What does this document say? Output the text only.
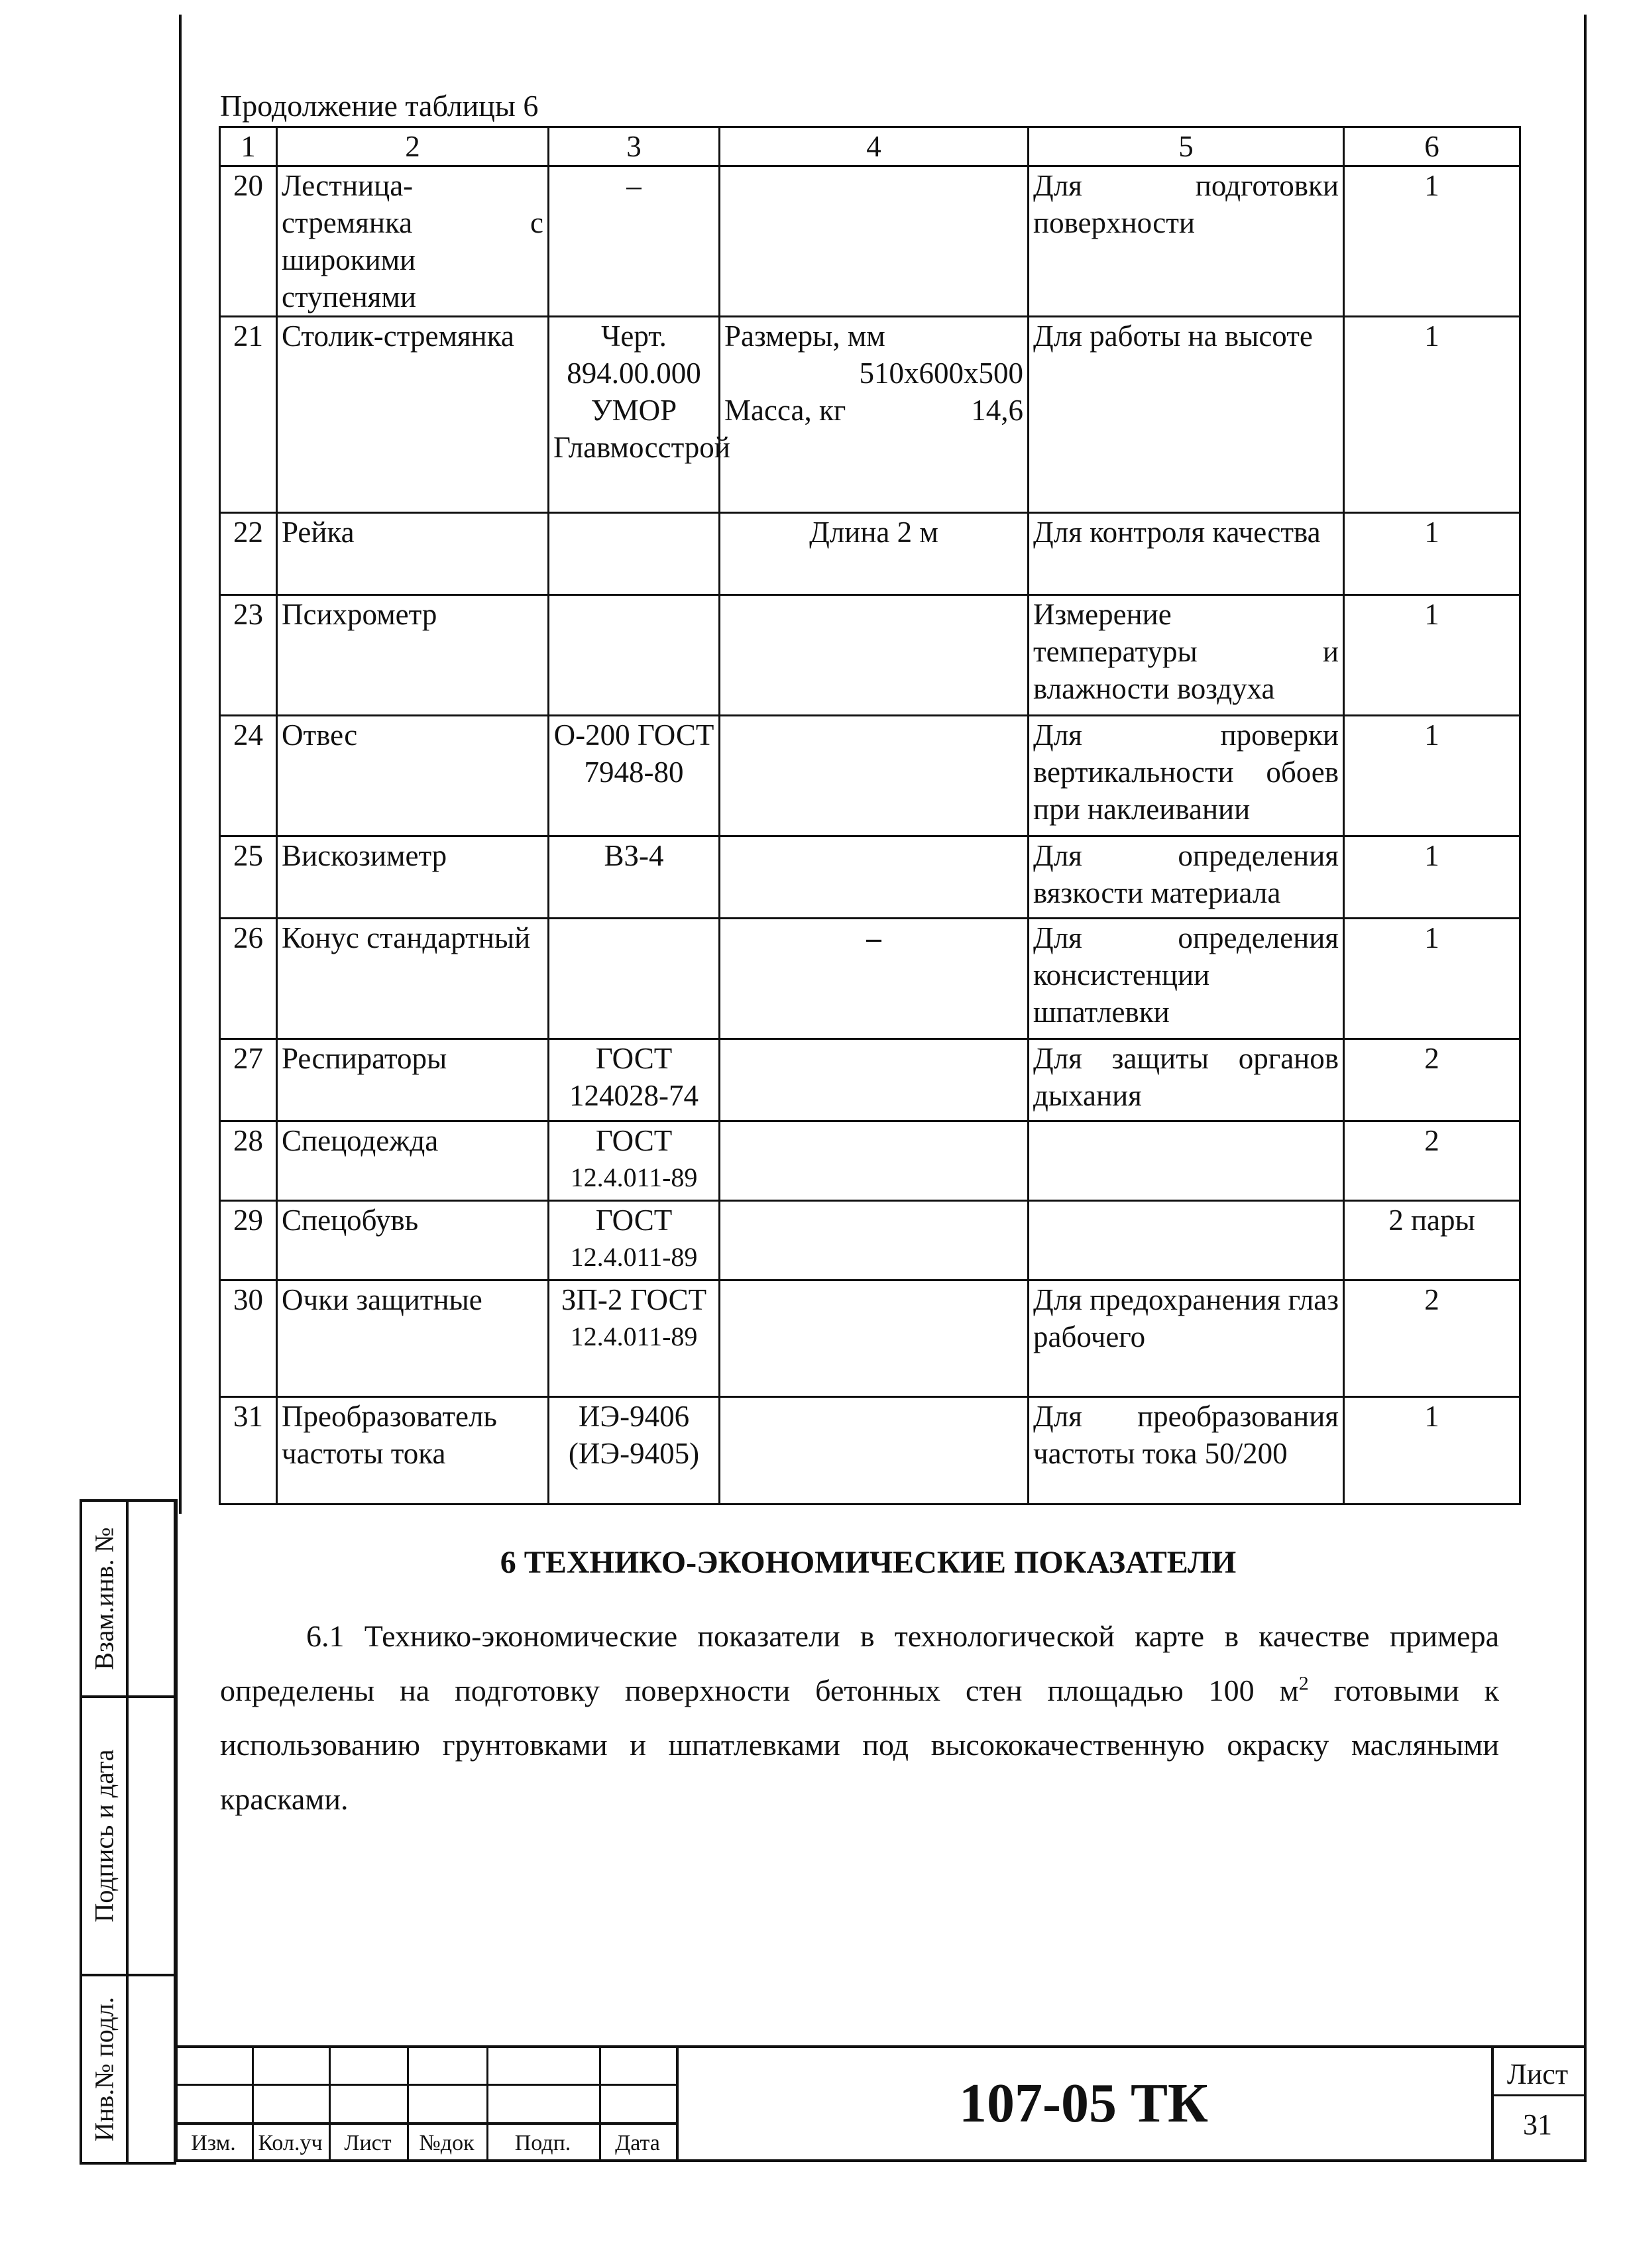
Продолжение таблицы 6
1	2	3	4	5	6
20	Лестница-стремянка с широкими ступенями	–		Для подготовки поверхности	1
21	Столик-стремянка	Черт. 894.00.000 УМОР Главмосстрой	Размеры, мм
510x600x500
Масса, кг 14,6	Для работы на высоте	1
22	Рейка		Длина 2 м	Для контроля качества	1
23	Психрометр			Измерение температуры и влажности воздуха	1
24	Отвес	О-200 ГОСТ 7948-80		Для проверки вертикальности обоев при наклеивании	1
25	Вискозиметр	ВЗ-4		Для определения вязкости материала	1
26	Конус стандартный		–	Для определения консистенции шпатлевки	1
27	Респираторы	ГОСТ 124028-74		Для защиты органов дыхания	2
28	Спецодежда	ГОСТ
12.4.011-89			2
29	Спецобувь	ГОСТ
12.4.011-89			2 пары
30	Очки защитные	ЗП-2 ГОСТ
12.4.011-89		Для предохранения глаз рабочего	2
31	Преобразователь частоты тока	ИЭ-9406 (ИЭ-9405)		Для преобразования частоты тока 50/200	1
6 ТЕХНИКО-ЭКОНОМИЧЕСКИЕ ПОКАЗАТЕЛИ
6.1 Технико-экономические показатели в технологической карте в качестве примера определены на подготовку поверхности бетонных стен площадью 100 $м^2$ готовыми к использованию грунтовками и шпатлевками под высококачественную окраску масляными красками.
Взам.инв. №
Подпись и дата
Инв.№ подл.
Изм. Кол.уч Лист	№док	Подп.	Дата
107-05 ТК	Лист
31
